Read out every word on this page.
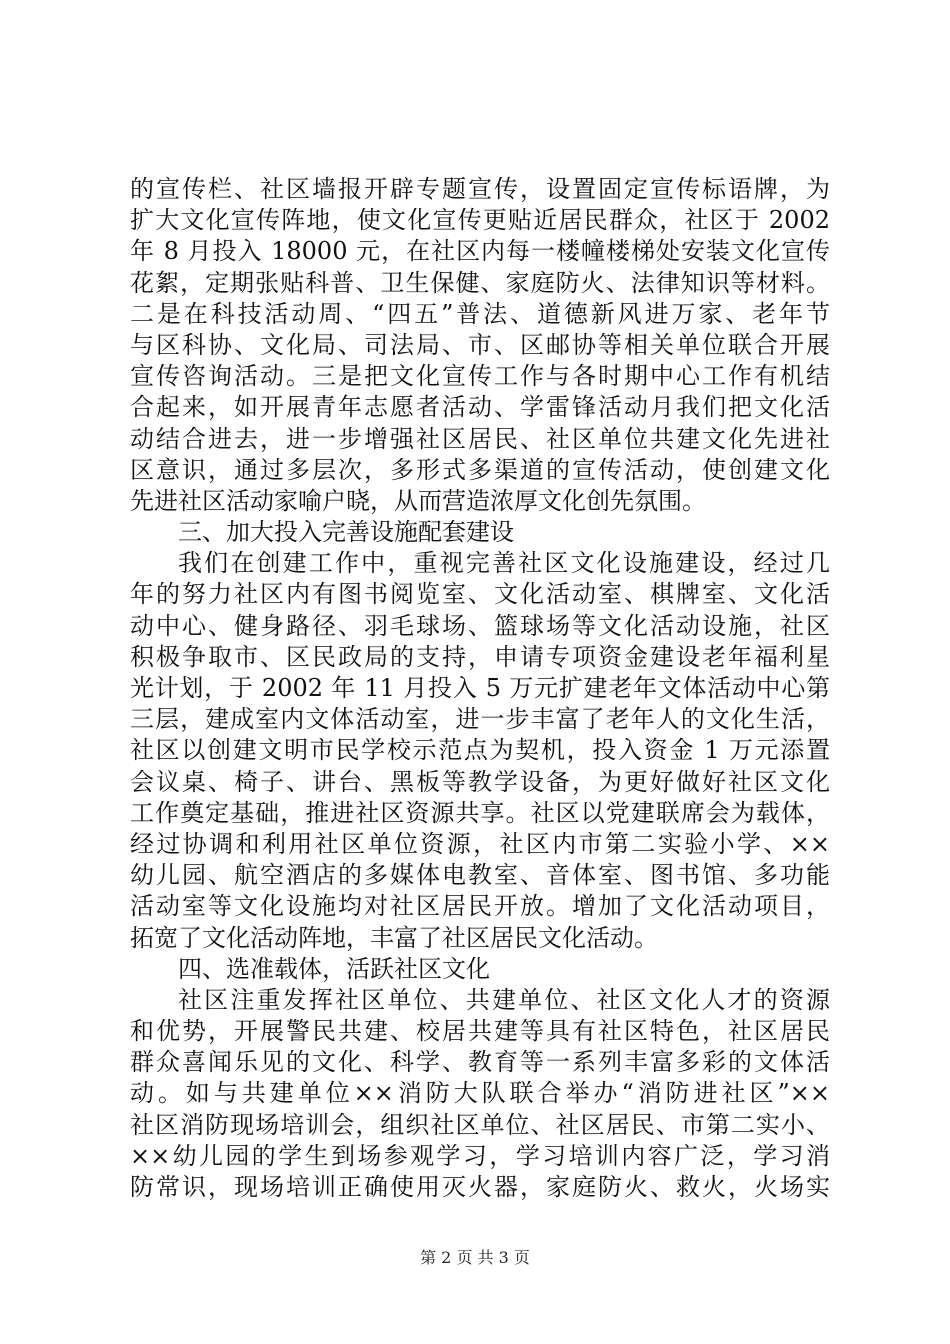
的宣传栏、社区墙报开辟专题宣传，设置固定宣传标语牌，为
扩大文化宣传阵地，使文化宣传更贴近居民群众，社区于 2002
年 8 月投入 18000 元，在社区内每一楼幢楼梯处安装文化宣传
花絮，定期张贴科普、卫生保健、家庭防火、法律知识等材料。
二是在科技活动周、“四五”普法、道德新风进万家、老年节
与区科协、文化局、司法局、市、区邮协等相关单位联合开展
宣传咨询活动。三是把文化宣传工作与各时期中心工作有机结
合起来，如开展青年志愿者活动、学雷锋活动月我们把文化活
动结合进去，进一步增强社区居民、社区单位共建文化先进社
区意识，通过多层次，多形式多渠道的宣传活动，使创建文化
先进社区活动家喻户晓，从而营造浓厚文化创先氛围。
三、加大投入完善设施配套建设
我们在创建工作中，重视完善社区文化设施建设，经过几
年的努力社区内有图书阅览室、文化活动室、棋牌室、文化活
动中心、健身路径、羽毛球场、篮球场等文化活动设施，社区
积极争取市、区民政局的支持，申请专项资金建设老年福利星
光计划，于 2002 年 11 月投入 5 万元扩建老年文体活动中心第
三层，建成室内文体活动室，进一步丰富了老年人的文化生活，
社区以创建文明市民学校示范点为契机，投入资金 1 万元添置
会议桌、椅子、讲台、黑板等教学设备，为更好做好社区文化
工作奠定基础，推进社区资源共享。社区以党建联席会为载体，
经过协调和利用社区单位资源，社区内市第二实验小学、××
幼儿园、航空酒店的多媒体电教室、音体室、图书馆、多功能
活动室等文化设施均对社区居民开放。增加了文化活动项目，
拓宽了文化活动阵地，丰富了社区居民文化活动。
四、选准载体，活跃社区文化
社区注重发挥社区单位、共建单位、社区文化人才的资源
和优势，开展警民共建、校居共建等具有社区特色，社区居民
群众喜闻乐见的文化、科学、教育等一系列丰富多彩的文体活
动。如与共建单位××消防大队联合举办“消防进社区”××
社区消防现场培训会，组织社区单位、社区居民、市第二实小、
××幼儿园的学生到场参观学习，学习培训内容广泛，学习消
防常识，现场培训正确使用灭火器，家庭防火、救火，火场实
第 2 页 共 3 页
